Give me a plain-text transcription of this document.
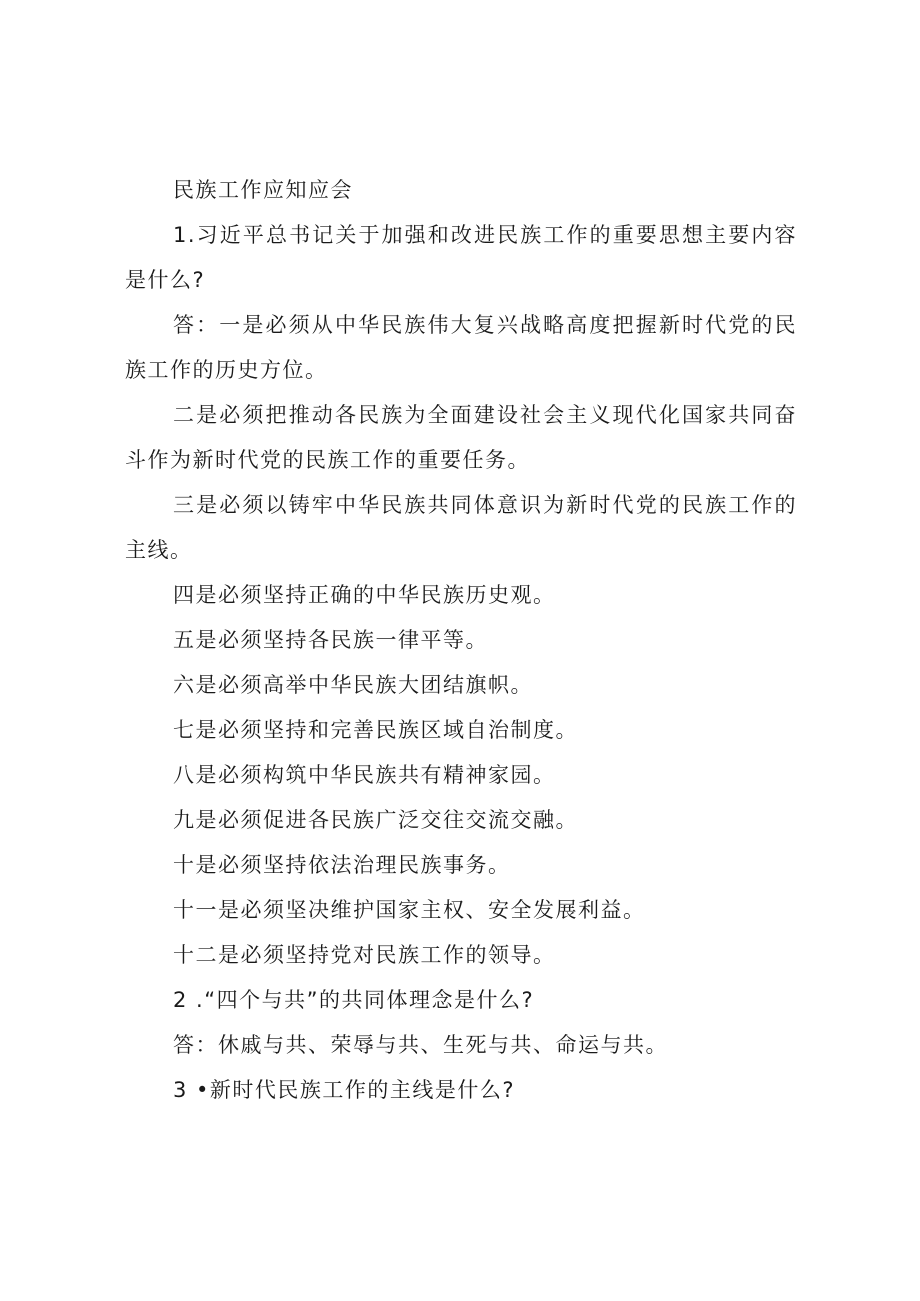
民族工作应知应会

1.习近平总书记关于加强和改进民族工作的重要思想主要内容是什么?

答：一是必须从中华民族伟大复兴战略高度把握新时代党的民族工作的历史方位。

二是必须把推动各民族为全面建设社会主义现代化国家共同奋斗作为新时代党的民族工作的重要任务。

三是必须以铸牢中华民族共同体意识为新时代党的民族工作的主线。

四是必须坚持正确的中华民族历史观。

五是必须坚持各民族一律平等。

六是必须高举中华民族大团结旗帜。

七是必须坚持和完善民族区域自治制度。

八是必须构筑中华民族共有精神家园。

九是必须促进各民族广泛交往交流交融。

十是必须坚持依法治理民族事务。

十一是必须坚决维护国家主权、安全发展利益。

十二是必须坚持党对民族工作的领导。

2 .“四个与共”的共同体理念是什么?

答：休戚与共、荣辱与共、生死与共、命运与共。

3 •新时代民族工作的主线是什么?
